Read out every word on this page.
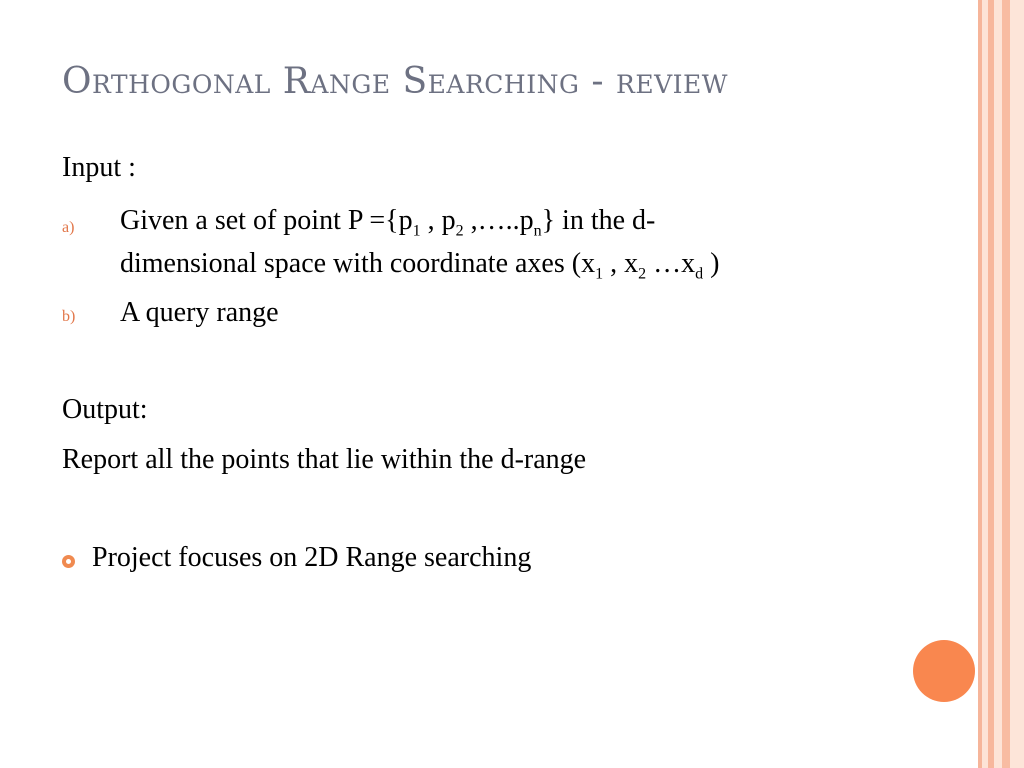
Orthogonal Range Searching - review
Input :
a) Given a set of point $P =\{p_1$ , $p_2$ $,\dots..p_n$} in the d-
dimensional space with coordinate axes ($x_1$ , $x_2$ $\dots x_d$ )
b) A query range
Output:
Report all the points that lie within the d-range
Project focuses on 2D Range searching
